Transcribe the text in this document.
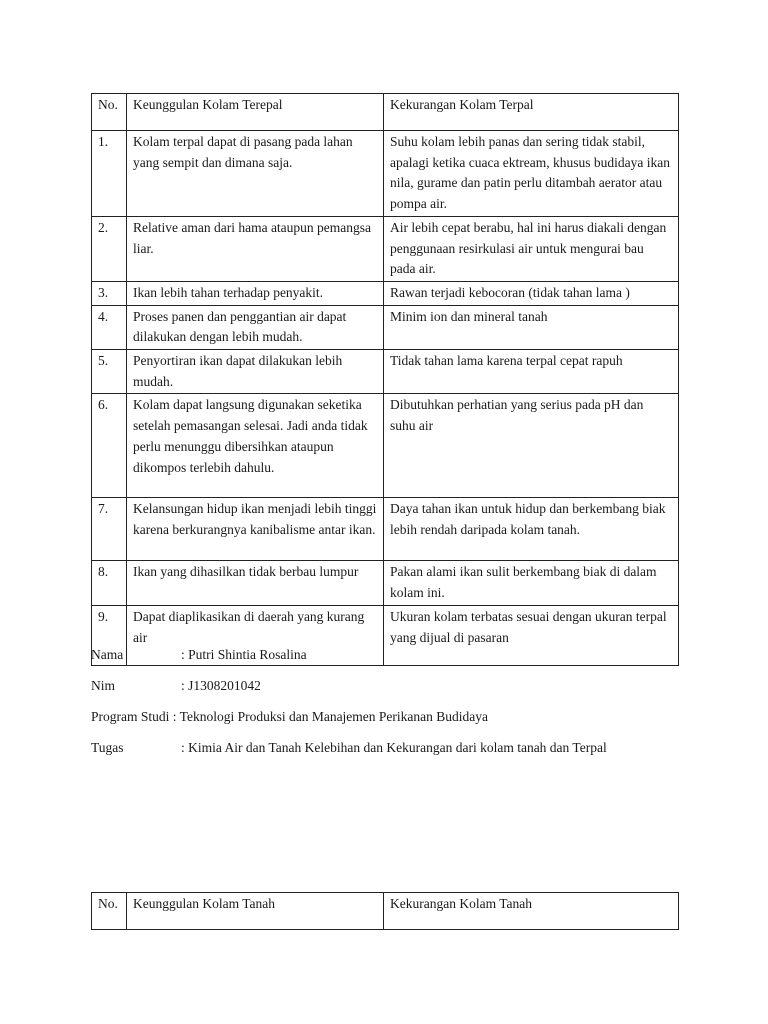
No.	Keunggulan Kolam Terepal	Kekurangan Kolam Terpal
1.	Kolam terpal dapat di pasang pada lahan yang sempit dan dimana saja.	Suhu kolam lebih panas dan sering tidak stabil, apalagi ketika cuaca ektream, khusus budidaya ikan nila, gurame dan patin perlu ditambah aerator atau pompa air.
2.	Relative aman dari hama ataupun pemangsa liar.	Air lebih cepat berabu, hal ini harus diakali dengan penggunaan resirkulasi air untuk mengurai bau pada air.
3.	Ikan lebih tahan terhadap penyakit.	Rawan terjadi kebocoran (tidak tahan lama )
4.	Proses panen dan penggantian air dapat dilakukan dengan lebih mudah.	Minim ion dan mineral tanah
5.	Penyortiran ikan dapat dilakukan lebih mudah.	Tidak tahan lama karena terpal cepat rapuh
6.	Kolam dapat langsung digunakan seketika setelah pemasangan selesai. Jadi anda tidak perlu menunggu dibersihkan ataupun dikompos terlebih dahulu.	Dibutuhkan perhatian yang serius pada pH dan suhu air
7.	Kelansungan hidup ikan menjadi lebih tinggi karena berkurangnya kanibalisme antar ikan.	Daya tahan ikan untuk hidup dan berkembang biak lebih rendah daripada kolam tanah.
8.	Ikan yang dihasilkan tidak berbau lumpur	Pakan alami ikan sulit berkembang biak di dalam kolam ini.
9.	Dapat diaplikasikan di daerah yang kurang air	Ukuran kolam terbatas sesuai dengan ukuran terpal yang dijual di pasaran
Nama	: Putri Shintia Rosalina
Nim	: J1308201042
Program Studi : Teknologi Produksi dan Manajemen Perikanan Budidaya
Tugas	: Kimia Air dan Tanah Kelebihan dan Kekurangan dari kolam tanah dan Terpal
No.	Keunggulan Kolam Tanah	Kekurangan Kolam Tanah
